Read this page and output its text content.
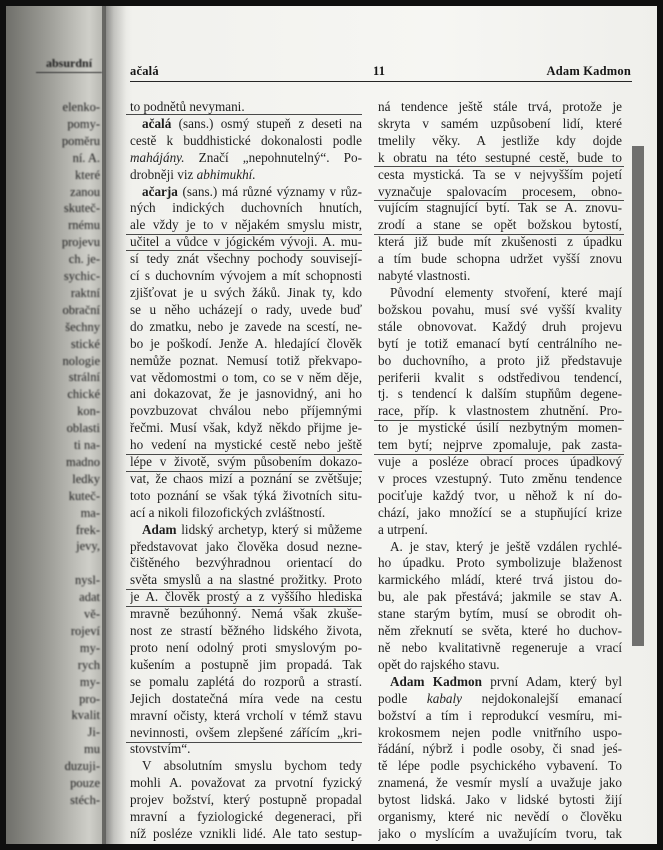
absurdní
elenko-
pomy-
poměru
ní. A.
které
zanou
skuteč-
rnému
projevu
ch. je-
sychic-
raktní
obrační
šechny
stické
nologie
strální
chické
kon-
oblasti
ti na-
madno
ledky
kuteč-
ma-
frek-
jevy,
nysl-
adat
vě-
rojeví
my-
rych
my-
pro-
kvalit
Ji-
mu
duzuji-
pouze
stéch-
ačalá	11	Adam Kadmon
to podnětů nevymani.
ačalá (sans.) osmý stupeň z deseti na
cestě k buddhistické dokonalosti podle
mahájány. Značí „nepohnutelný“. Po-
drobněji viz abhimukhí.
ačarja (sans.) má různé významy v růz-
ných indických duchovních hnutích,
ale vždy je to v nějakém smyslu mistr,
učitel a vůdce v jógickém vývoji. A. mu-
sí tedy znát všechny pochody souvisejí-
cí s duchovním vývojem a mít schopnosti
zjišťovat je u svých žáků. Jinak ty, kdo
se u něho ucházejí o rady, uvede buď
do zmatku, nebo je zavede na scestí, ne-
bo je poškodí. Jenže A. hledající člověk
nemůže poznat. Nemusí totiž překvapo-
vat vědomostmi o tom, co se v něm děje,
ani dokazovat, že je jasnovidný, ani ho
povzbuzovat chválou nebo příjemnými
řečmi. Musí však, když někdo přijme je-
ho vedení na mystické cestě nebo ještě
lépe v životě, svým působením dokazo-
vat, že chaos mizí a poznání se zvětšuje;
toto poznání se však týká životních situ-
ací a nikoli filozofických zvláštností.
Adam lidský archetyp, který si můžeme
představovat jako člověka dosud nezne-
čištěného bezvýhradnou orientací do
světa smyslů a na slastné prožitky. Proto
je A. člověk prostý a z vyššího hlediska
mravně bezúhonný. Nemá však zkuše-
nost ze strastí běžného lidského života,
proto není odolný proti smyslovým po-
kušením a postupně jim propadá. Tak
se pomalu zaplétá do rozporů a strastí.
Jejich dostatečná míra vede na cestu
mravní očisty, která vrcholí v témž stavu
nevinnosti, ovšem zlepšené zářícím „kri-
stovstvím“.
V absolutním smyslu bychom tedy
mohli A. považovat za prvotní fyzický
projev božství, který postupně propadal
mravní a fyziologické degeneraci, při
níž posléze vznikli lidé. Ale tato sestup-
ná tendence ještě stále trvá, protože je
skryta v samém uzpůsobení lidí, které
tmelily věky. A jestliže kdy dojde
k obratu na této sestupné cestě, bude to
cesta mystická. Ta se v nejvyšším pojetí
vyznačuje spalovacím procesem, obno-
vujícím stagnující bytí. Tak se A. znovu-
zrodí a stane se opět božskou bytostí,
která již bude mít zkušenosti z úpadku
a tím bude schopna udržet vyšší znovu
nabyté vlastnosti.
Původní elementy stvoření, které mají
božskou povahu, musí své vyšší kvality
stále obnovovat. Každý druh projevu
bytí je totiž emanací bytí centrálního ne-
bo duchovního, a proto již představuje
periferii kvalit s odstředivou tendencí,
tj. s tendencí k dalším stupňům degene-
race, příp. k vlastnostem zhutnění. Pro-
to je mystické úsilí nezbytným momen-
tem bytí; nejprve zpomaluje, pak zasta-
vuje a posléze obrací proces úpadkový
v proces vzestupný. Tuto změnu tendence
pociťuje každý tvor, u něhož k ní do-
chází, jako množící se a stupňující krize
a utrpení.
A. je stav, který je ještě vzdálen rychlé-
ho úpadku. Proto symbolizuje blaženost
karmického mládí, které trvá jistou do-
bu, ale pak přestává; jakmile se stav A.
stane starým bytím, musí se obrodit oh-
něm zřeknutí se světa, které ho duchov-
ně nebo kvalitativně regeneruje a vrací
opět do rajského stavu.
Adam Kadmon první Adam, který byl
podle kabaly nejdokonalejší emanací
božství a tím i reprodukcí vesmíru, mi-
krokosmem nejen podle vnitřního uspo-
řádání, nýbrž i podle osoby, či snad jeś-
tě lépe podle psychického vybavení. To
znamená, že vesmír myslí a uvažuje jako
bytost lidská. Jako v lidské bytosti žijí
organismy, které nic nevědí o člověku
jako o myslícím a uvažujícím tvoru, tak
